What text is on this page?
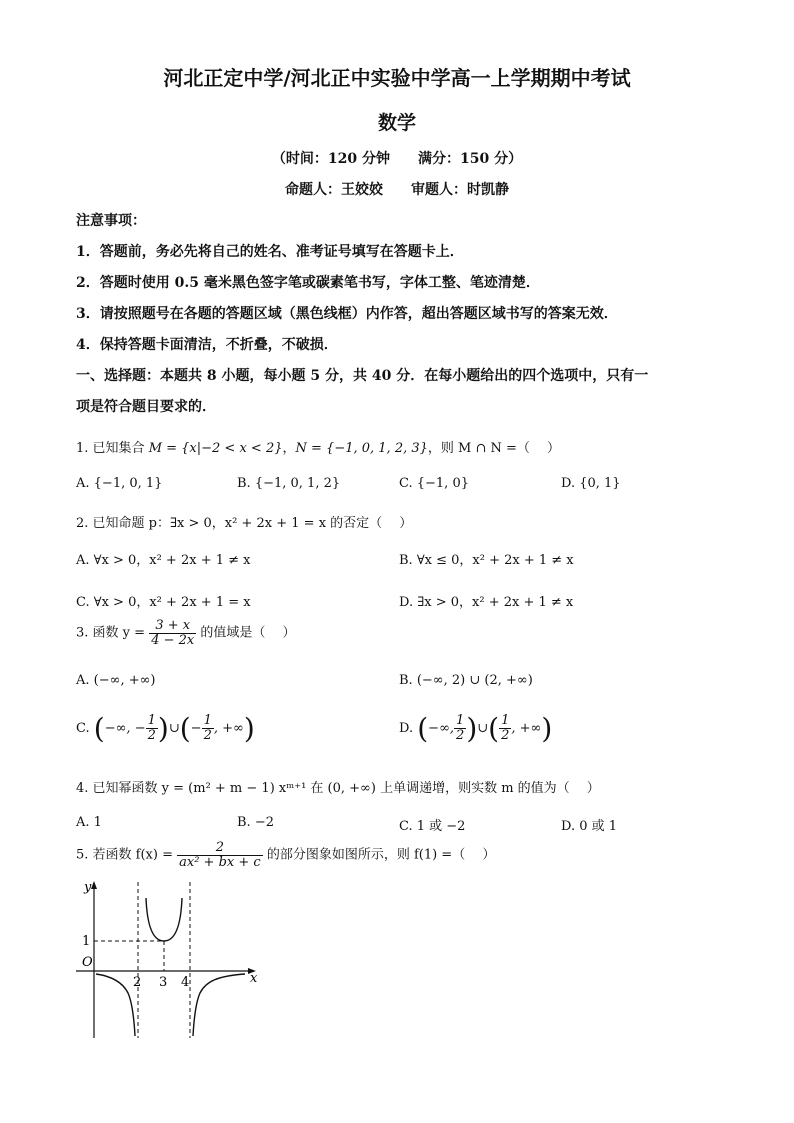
河北正定中学/河北正中实验中学高一上学期期中考试
数学
（时间：120 分钟　　满分：150 分）
命题人：王姣姣　　审题人：时凯静
注意事项：
1．答题前，务必先将自己的姓名、准考证号填写在答题卡上．
2．答题时使用 0.5 毫米黑色签字笔或碳素笔书写，字体工整、笔迹清楚．
3．请按照题号在各题的答题区域（黑色线框）内作答，超出答题区域书写的答案无效．
4．保持答题卡面清洁，不折叠，不破损．
一、选择题：本题共 8 小题，每小题 5 分，共 40 分．在每小题给出的四个选项中，只有一
项是符合题目要求的．
1. 已知集合 M = {x|−2 < x < 2}，N = {−1, 0, 1, 2, 3}，则 M ∩ N =（　 ）
A. {−1, 0, 1}	B. {−1, 0, 1, 2}	C. {−1, 0}	D. {0, 1}
2. 已知命题 p：∃x > 0，x² + 2x + 1 = x 的否定（　 ）
A. ∀x > 0，x² + 2x + 1 ≠ x	B. ∀x ≤ 0，x² + 2x + 1 ≠ x
C. ∀x > 0，x² + 2x + 1 = x	D. ∃x > 0，x² + 2x + 1 ≠ x
3. 函数 $y = \frac{3 + x}{4 - 2x}$ 的值域是（　 ）
A. (−∞, +∞)	B. (−∞, 2) ∪ (2, +∞)
C. (−∞, − $\frac{1}{2}$ )∪(− $\frac{1}{2}$ , +∞)	D. (−∞, $\frac{1}{2}$ )∪( $\frac{1}{2}$ , +∞)
4. 已知幂函数 y = (m² + m − 1) xᵐ⁺¹ 在 (0, +∞) 上单调递增，则实数 m 的值为（　 ）
A. 1	B. −2	C. 1 或 −2	D. 0 或 1
5. 若函数 $f(x) = \frac{2}{\text{ax² + bx + c}}$ 的部分图象如图所示，则 f(1) =（　 ）
y
x
O
1
2 3 4
